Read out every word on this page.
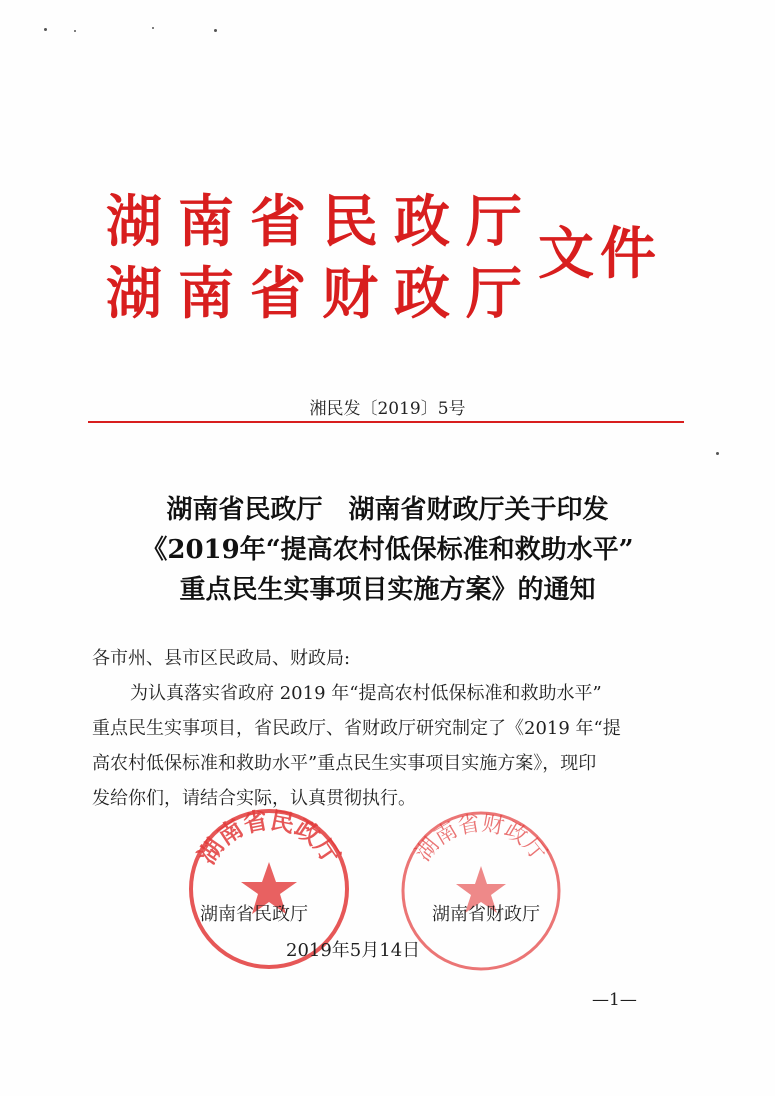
湖南省民政厅
湖南省财政厅
文件
湘民发〔2019〕5号
湖南省民政厅　湖南省财政厅关于印发
《2019年“提高农村低保标准和救助水平”
重点民生实事项目实施方案》的通知
各市州、县市区民政局、财政局:
为认真落实省政府 2019 年“提高农村低保标准和救助水平”
重点民生实事项目，省民政厅、省财政厅研究制定了《2019 年“提
高农村低保标准和救助水平”重点民生实事项目实施方案》，现印
发给你们，请结合实际，认真贯彻执行。
湖南省民政厅	湖南省财政厅
湖南省民政厅	湖南省财政厅
2019年5月14日
—1—
